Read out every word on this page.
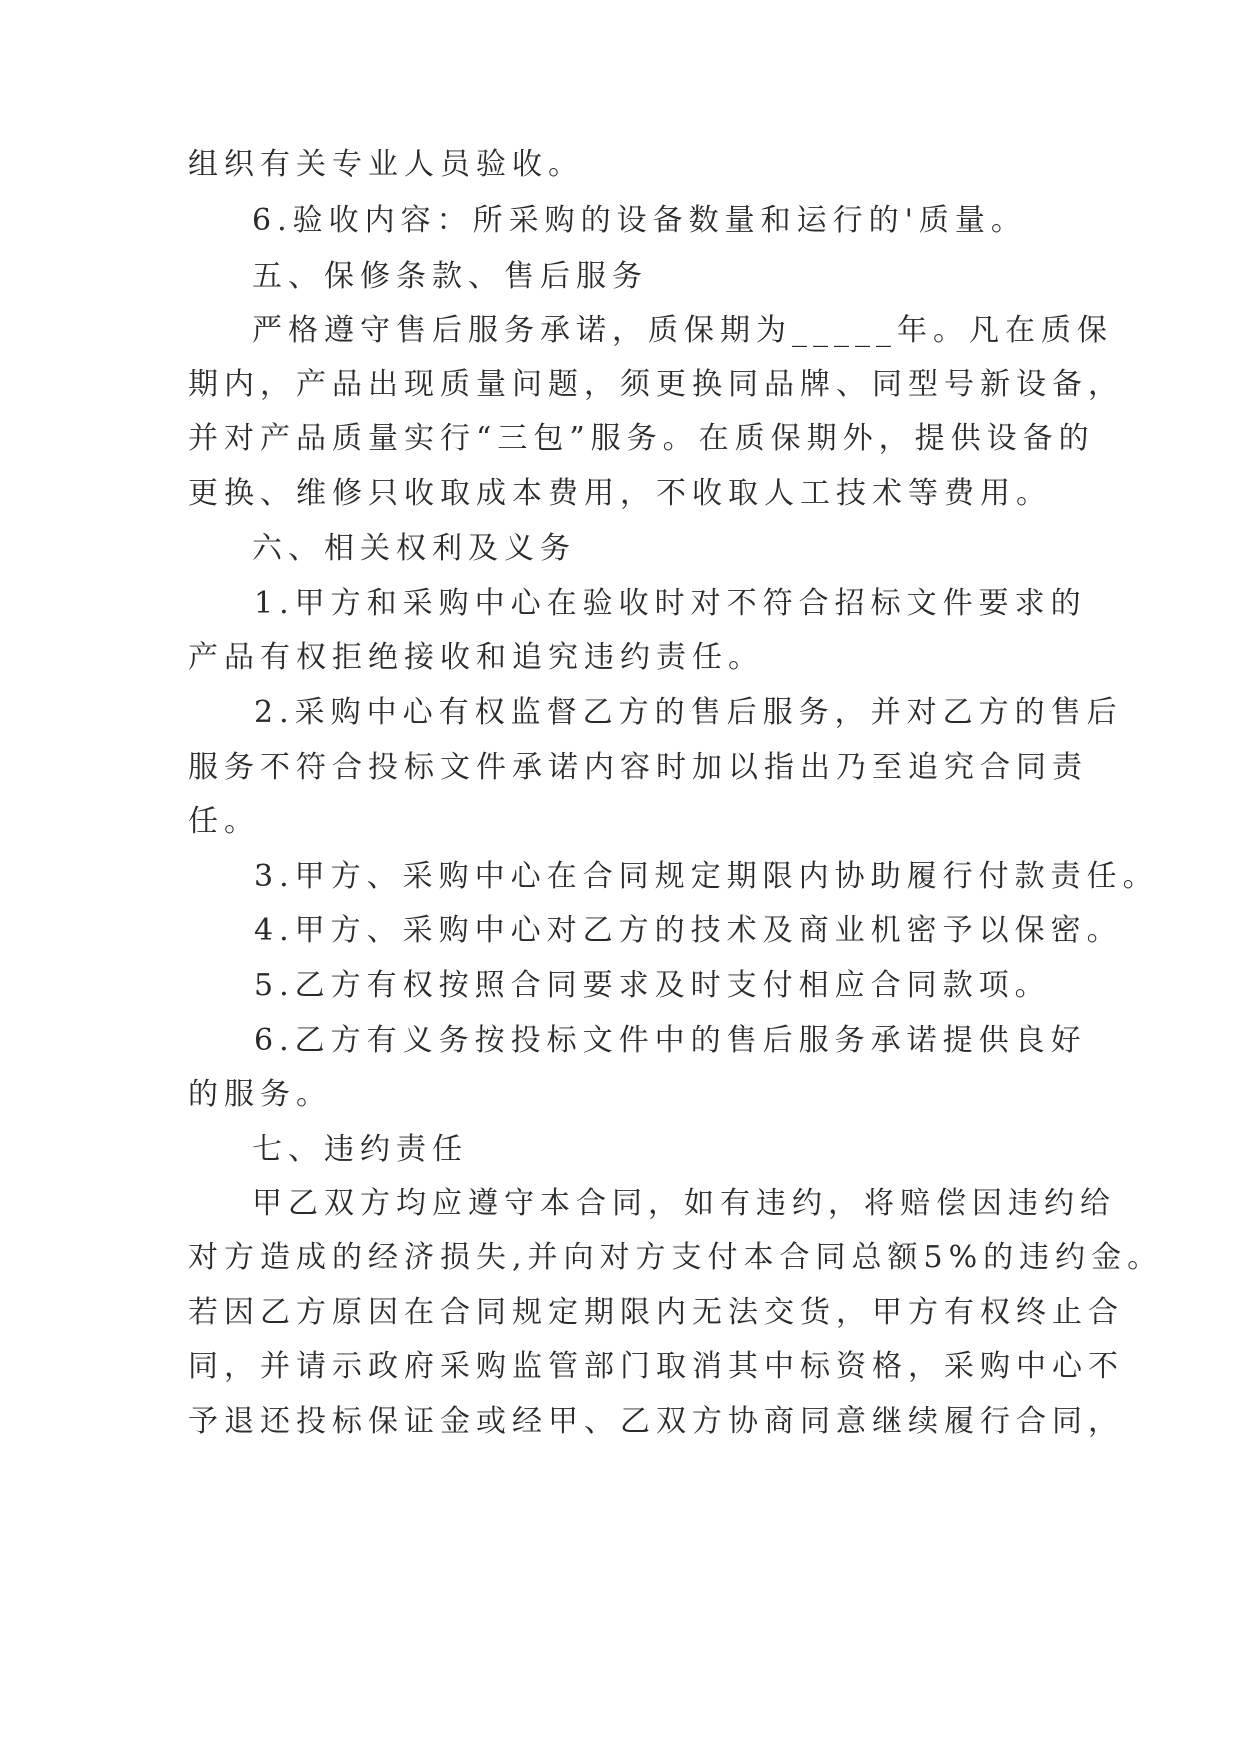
组织有关专业人员验收。
6.验收内容：所采购的设备数量和运行的'质量。
五、保修条款、售后服务
严格遵守售后服务承诺，质保期为_____年。凡在质保
期内，产品出现质量问题，须更换同品牌、同型号新设备，
并对产品质量实行“三包”服务。在质保期外，提供设备的
更换、维修只收取成本费用，不收取人工技术等费用。
六、相关权利及义务
1.甲方和采购中心在验收时对不符合招标文件要求的
产品有权拒绝接收和追究违约责任。
2.采购中心有权监督乙方的售后服务，并对乙方的售后
服务不符合投标文件承诺内容时加以指出乃至追究合同责
任。
3.甲方、采购中心在合同规定期限内协助履行付款责任。
4.甲方、采购中心对乙方的技术及商业机密予以保密。
5.乙方有权按照合同要求及时支付相应合同款项。
6.乙方有义务按投标文件中的售后服务承诺提供良好
的服务。
七、违约责任
甲乙双方均应遵守本合同，如有违约，将赔偿因违约给
对方造成的经济损失,并向对方支付本合同总额5%的违约金。
若因乙方原因在合同规定期限内无法交货，甲方有权终止合
同，并请示政府采购监管部门取消其中标资格，采购中心不
予退还投标保证金或经甲、乙双方协商同意继续履行合同，
